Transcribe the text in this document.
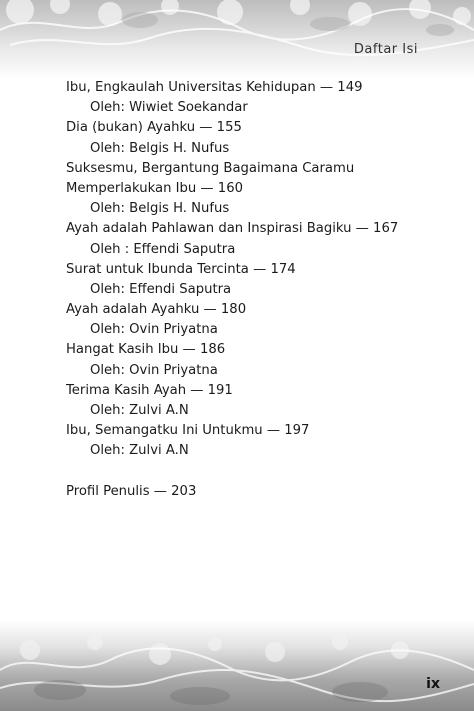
Daftar Isi
Ibu, Engkaulah Universitas Kehidupan — 149
Oleh: Wiwiet Soekandar
Dia (bukan) Ayahku — 155
Oleh: Belgis H. Nufus
Suksesmu, Bergantung Bagaimana Caramu
Memperlakukan Ibu — 160
Oleh: Belgis H. Nufus
Ayah adalah Pahlawan dan Inspirasi Bagiku — 167
Oleh : Effendi Saputra
Surat untuk Ibunda Tercinta — 174
Oleh: Effendi Saputra
Ayah adalah Ayahku — 180
Oleh: Ovin Priyatna
Hangat Kasih Ibu — 186
Oleh: Ovin Priyatna
Terima Kasih Ayah — 191
Oleh: Zulvi A.N
Ibu, Semangatku Ini Untukmu — 197
Oleh: Zulvi A.N
Profil Penulis — 203
ix
